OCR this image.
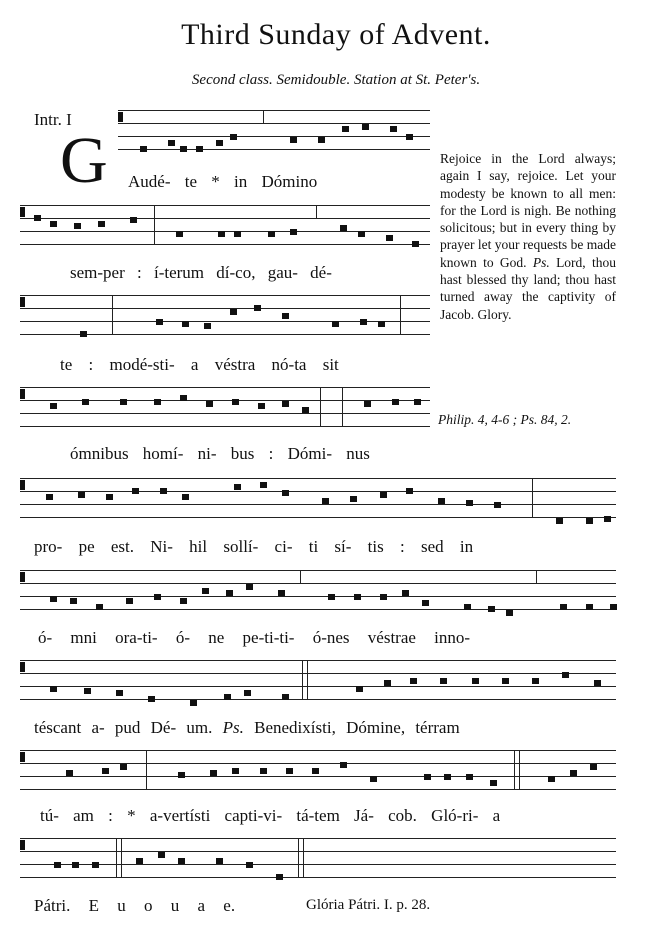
Third Sunday of Advent.
Second class. Semidouble. Station at St. Peter's.
Intr. I
G Audé- te * in Dómino
sem-per : í-terum dí-co, gau- dé-
te : modé-sti- a véstra nó-ta sit
ómnibus homí- ni- bus : Dómi- nus
pro- pe est. Ni- hil sollí- ci- ti sí- tis : sed in
ó- mni ora-ti- ó- ne pe-ti-ti- ó-nes véstrae inno-
téscant a- pud Dé- um. Ps. Benedixísti, Dómine, térram
tú- am : * a-vertísti capti-vi- tá-tem Já- cob. Gló-ri- a
Pátri. E u o u a e.

Rejoice in the Lord always; again I say, rejoice. Let your modesty be known to all men: for the Lord is nigh. Be nothing solicitous; but in every thing by prayer let your requests be made known to God. Ps. Lord, thou hast blessed thy land; thou hast turned away the captivity of Jacob. Glory.

Philip. 4, 4-6 ; Ps. 84, 2.
Glória Pátri. I. p. 28.
